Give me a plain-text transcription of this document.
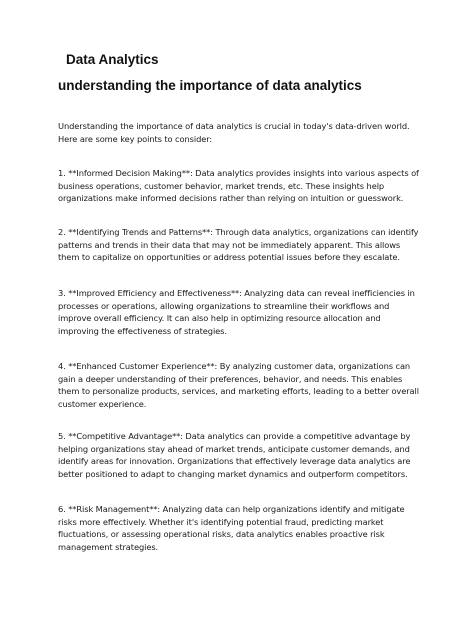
Data Analytics
understanding the importance of data analytics

Understanding the importance of data analytics is crucial in today's data-driven world. Here are some key points to consider:

1. **Informed Decision Making**: Data analytics provides insights into various aspects of business operations, customer behavior, market trends, etc. These insights help organizations make informed decisions rather than relying on intuition or guesswork.

2. **Identifying Trends and Patterns**: Through data analytics, organizations can identify patterns and trends in their data that may not be immediately apparent. This allows them to capitalize on opportunities or address potential issues before they escalate.

3. **Improved Efficiency and Effectiveness**: Analyzing data can reveal inefficiencies in processes or operations, allowing organizations to streamline their workflows and improve overall efficiency. It can also help in optimizing resource allocation and improving the effectiveness of strategies.

4. **Enhanced Customer Experience**: By analyzing customer data, organizations can gain a deeper understanding of their preferences, behavior, and needs. This enables them to personalize products, services, and marketing efforts, leading to a better overall customer experience.

5. **Competitive Advantage**: Data analytics can provide a competitive advantage by helping organizations stay ahead of market trends, anticipate customer demands, and identify areas for innovation. Organizations that effectively leverage data analytics are better positioned to adapt to changing market dynamics and outperform competitors.

6. **Risk Management**: Analyzing data can help organizations identify and mitigate risks more effectively. Whether it's identifying potential fraud, predicting market fluctuations, or assessing operational risks, data analytics enables proactive risk management strategies.
